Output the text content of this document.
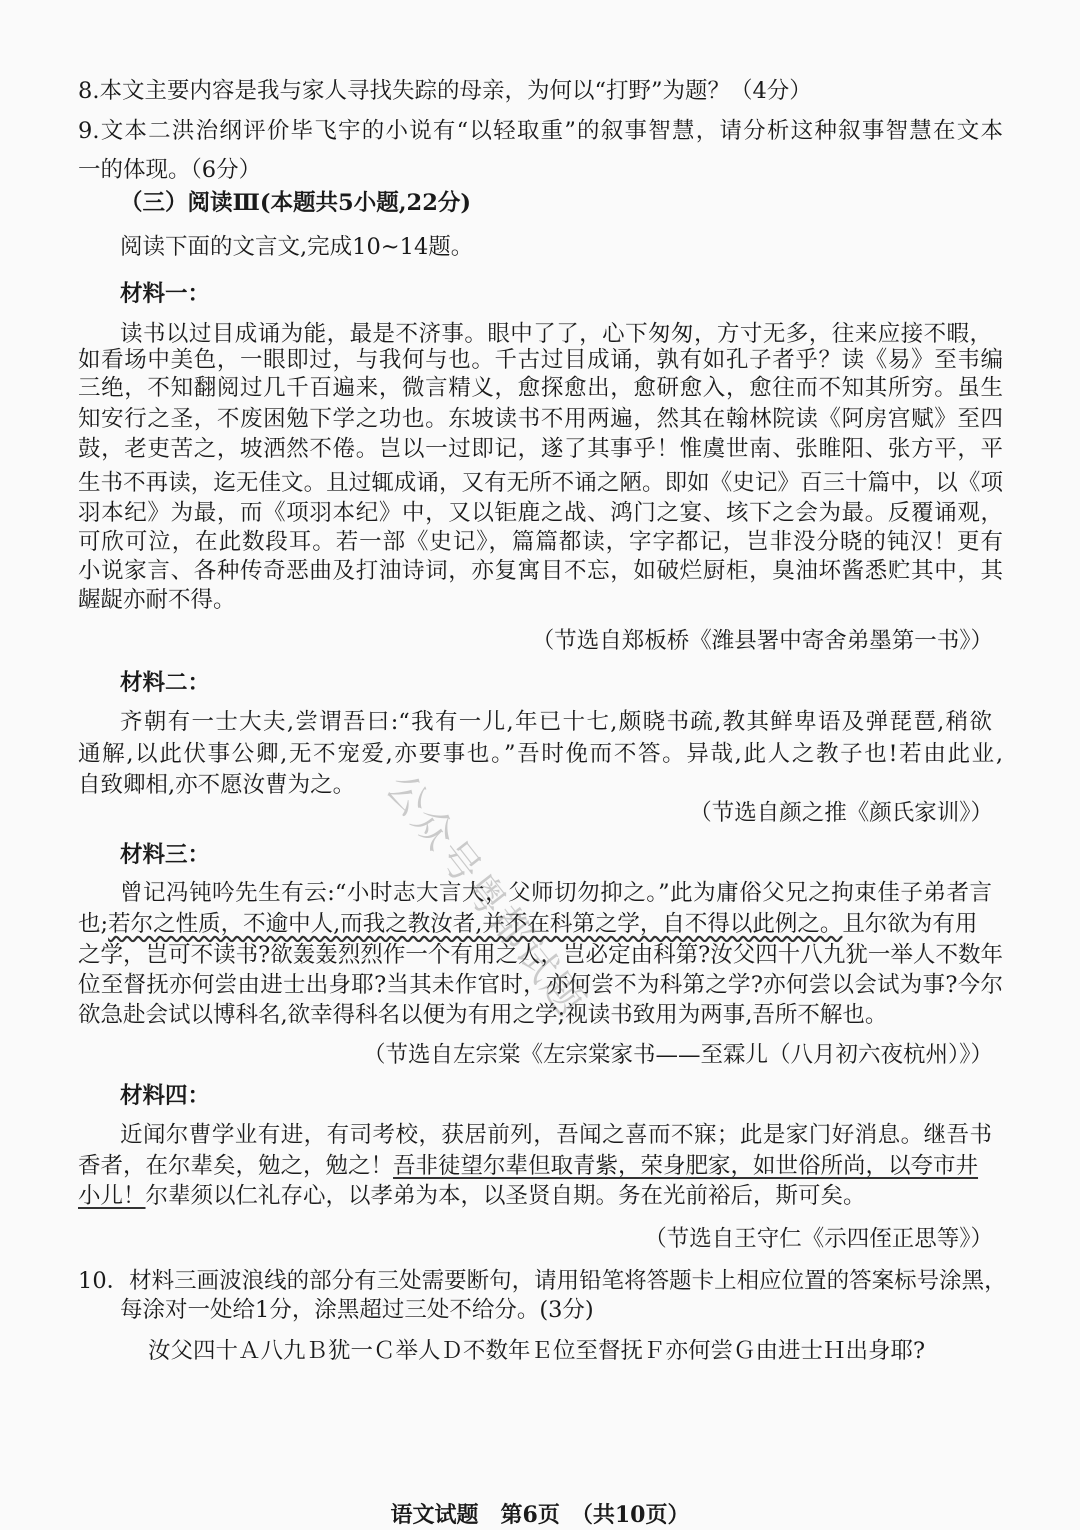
8.本文主要内容是我与家人寻找失踪的母亲，为何以“打野”为题？（4分）
9.文本二洪治纲评价毕飞宇的小说有“以轻取重”的叙事智慧，请分析这种叙事智慧在文本
一的体现。（6分）
（三）阅读Ⅲ(本题共5小题,22分)
阅读下面的文言文,完成10~14题。
材料一：
读书以过目成诵为能，最是不济事。眼中了了，心下匆匆，方寸无多，往来应接不暇，
如看场中美色，一眼即过，与我何与也。千古过目成诵，孰有如孔子者乎？读《易》至韦编
三绝，不知翻阅过几千百遍来，微言精义，愈探愈出，愈研愈入，愈往而不知其所穷。虽生
知安行之圣，不废困勉下学之功也。东坡读书不用两遍，然其在翰林院读《阿房宫赋》至四
鼓，老吏苦之，坡洒然不倦。岂以一过即记，遂了其事乎！惟虞世南、张睢阳、张方平，平
生书不再读，迄无佳文。且过辄成诵，又有无所不诵之陋。即如《史记》百三十篇中，以《项
羽本纪》为最，而《项羽本纪》中，又以钜鹿之战、鸿门之宴、垓下之会为最。反覆诵观，
可欣可泣，在此数段耳。若一部《史记》，篇篇都读，字字都记，岂非没分晓的钝汉！更有
小说家言、各种传奇恶曲及打油诗词，亦复寓目不忘，如破烂厨柜，臭油坏酱悉贮其中，其
龌龊亦耐不得。
（节选自郑板桥《潍县署中寄舍弟墨第一书》）
材料二：
齐朝有一士大夫,尝谓吾曰:“我有一儿,年已十七,颇晓书疏,教其鲜卑语及弹琵琶,稍欲
通解,以此伏事公卿,无不宠爱,亦要事也。”吾时俛而不答。异哉,此人之教子也!若由此业,
自致卿相,亦不愿汝曹为之。
（节选自颜之推《颜氏家训》）
材料三：
曾记冯钝吟先生有云:“小时志大言大，父师切勿抑之。”此为庸俗父兄之拘束佳子弟者言
也;若尔之性质，不逾中人,而我之教汝者,并不在科第之学，自不得以此例之。且尔欲为有用
之学，岂可不读书?欲轰轰烈烈作一个有用之人，岂必定由科第?汝父四十八九犹一举人不数年
位至督抚亦何尝由进士出身耶?当其未作官时，亦何尝不为科第之学?亦何尝以会试为事?今尔
欲急赴会试以博科名,欲幸得科名以便为有用之学;视读书致用为两事,吾所不解也。
（节选自左宗棠《左宗棠家书——至霖儿（八月初六夜杭州）》）
材料四：
近闻尔曹学业有进，有司考校，获居前列，吾闻之喜而不寐；此是家门好消息。继吾书
香者，在尔辈矣，勉之，勉之！吾非徒望尔辈但取青紫，荣身肥家，如世俗所尚，以夸市井
小儿！尔辈须以仁礼存心，以孝弟为本，以圣贤自期。务在光前裕后，斯可矣。
（节选自王守仁《示四侄正思等》）
10．材料三画波浪线的部分有三处需要断句，请用铅笔将答题卡上相应位置的答案标号涂黑，
每涂对一处给1分，涂黑超过三处不给分。(3分)
汝父四十Ａ八九Ｂ犹一Ｃ举人Ｄ不数年Ｅ位至督抚Ｆ亦何尝Ｇ由进士Ｈ出身耶?
公众号粤都试题
语文试题　第6页　（共10页）
